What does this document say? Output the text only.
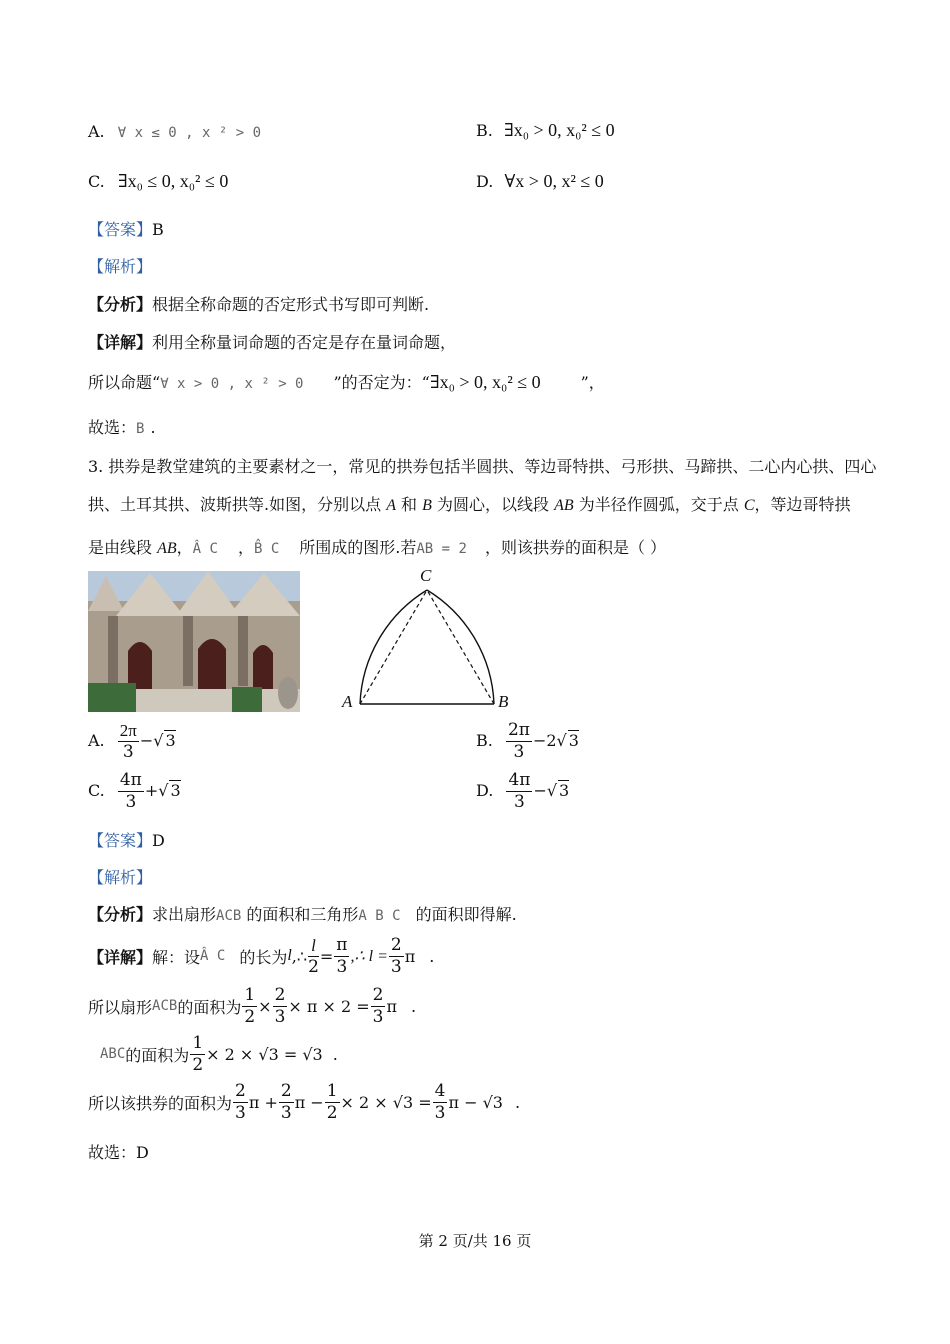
A. ∀ x ≤ 0 , x ² > 0	B. ∃x₀ > 0, x₀² ≤ 0
C. ∃x₀ ≤ 0, x₀² ≤ 0	D. ∀x > 0, x² ≤ 0
【答案】B
【解析】
【分析】根据全称命题的否定形式书写即可判断.
【详解】利用全称量词命题的否定是存在量词命题，
所以命题“∀ x > 0 , x ² > 0 ”的否定为：“∃x₀ > 0, x₀² ≤ 0	”，
故选：B .
3. 拱券是教堂建筑的主要素材之一，常见的拱券包括半圆拱、等边哥特拱、弓形拱、马蹄拱、二心内心拱、四心
拱、土耳其拱、波斯拱等.如图，分别以点 A 和 B 为圆心，以线段 AB 为半径作圆弧，交于点 C，等边哥特拱
是由线段 AB，Â C ，B̂ C 所围成的图形.若AB = 2 ，则该拱券的面积是（ ）
C
A	B
A. $\frac{2\pi}{3}$ −√ 3	B. $\frac{2\pi}{3} -2√$ 3
C. $\frac{4\pi}{3}$ +√ 3	D. $\frac{4\pi}{3}$ −√ 3
【答案】D
【解析】
【分析】求出扇形ACB 的面积和三角形A B C 的面积即得解.
【详解】 解：设 Â C 的长为 l ,∴ $\frac{l}{2} = \frac{\pi}{3}$ ,∴ $l = \frac{2}{3}$ π .
所以扇形 ACB 的面积为 $\frac{1}{2} \times \frac{2}{3} \times \pi \times 2 = \frac{2}{3}$ π .
ABC 的面积为 $\frac{1}{2} \times 2 \times √3 = √3$ .
所以该拱券的面积为 $\frac{2}{3}$ $\pi + \frac{2}{3}$ $\pi - \frac{1}{2} \times 2 \times √3 = \frac{4}{3}$ π − √3 .
故选：D
第 2 页/共 16 页
